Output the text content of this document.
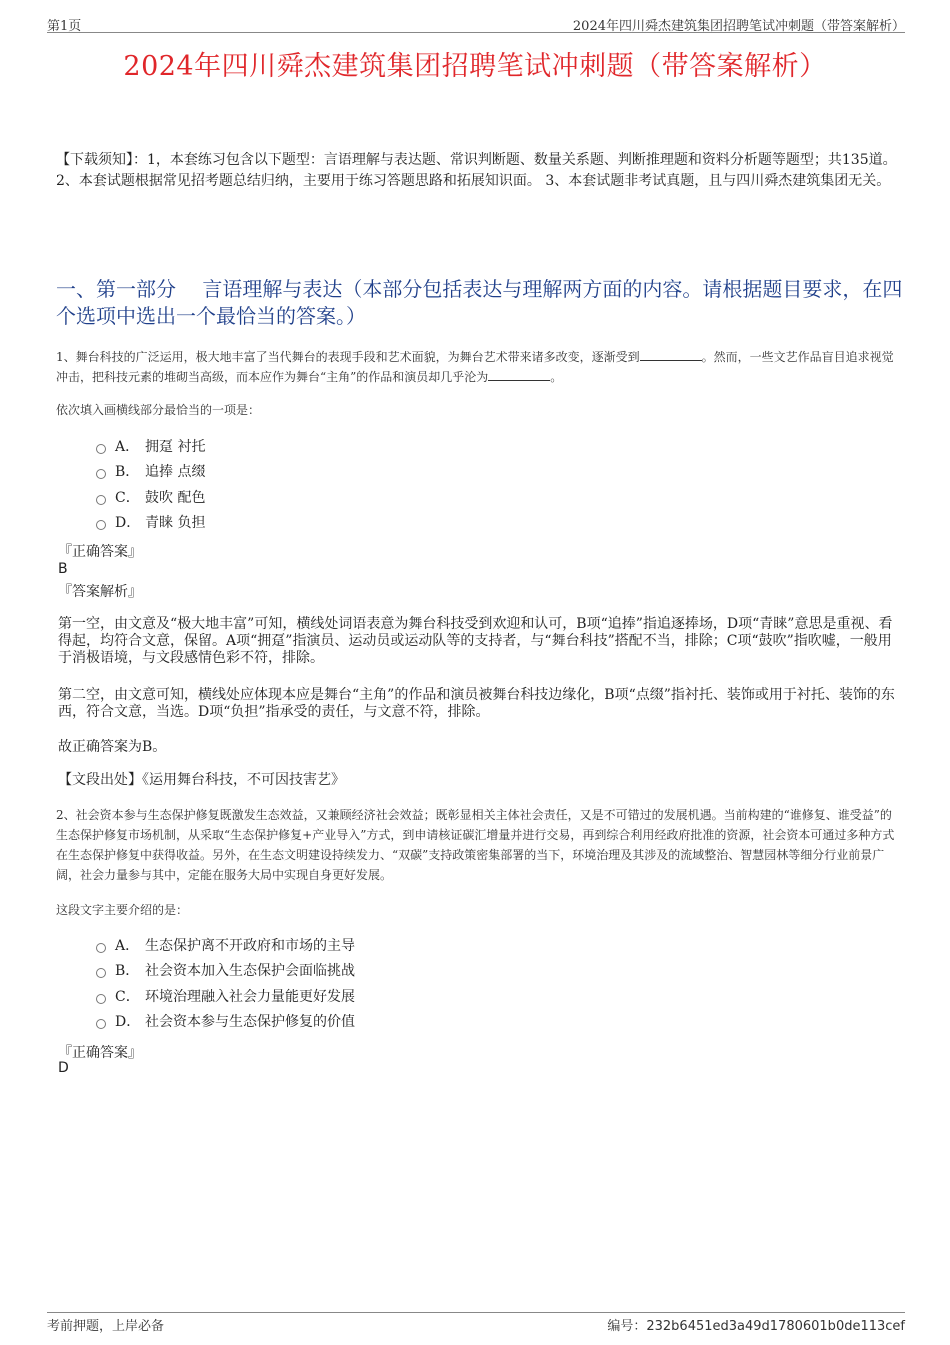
第1页	2024年四川舜杰建筑集团招聘笔试冲刺题（带答案解析）
2024年四川舜杰建筑集团招聘笔试冲刺题（带答案解析）

【下载须知】：1，本套练习包含以下题型：言语理解与表达题、常识判断题、数量关系题、判断推理题和资料分析题等题型；共135道。 2、本套试题根据常见招考题总结归纳，主要用于练习答题思路和拓展知识面。 3、本套试题非考试真题，且与四川舜杰建筑集团无关。

一、第一部分　 言语理解与表达（本部分包括表达与理解两方面的内容。请根据题目要求，在四个选项中选出一个最恰当的答案。）

1、舞台科技的广泛运用，极大地丰富了当代舞台的表现手段和艺术面貌，为舞台艺术带来诸多改变，逐渐受到	。然而，一些文艺作品盲目追求视觉冲击，把科技元素的堆砌当高级，而本应作为舞台“主角”的作品和演员却几乎沦为	。

依次填入画横线部分最恰当的一项是：

A． 拥趸 衬托
B． 追捧 点缀
C． 鼓吹 配色
D． 青睐 负担

『正确答案』

B

『答案解析』

第一空，由文意及“极大地丰富”可知，横线处词语表意为舞台科技受到欢迎和认可，B项“追捧”指追逐捧场，D项“青睐”意思是重视、看得起，均符合文意，保留。A项“拥趸”指演员、运动员或运动队等的支持者，与“舞台科技”搭配不当，排除；C项“鼓吹”指吹嘘，一般用于消极语境，与文段感情色彩不符，排除。

第二空，由文意可知，横线处应体现本应是舞台“主角”的作品和演员被舞台科技边缘化，B项“点缀”指衬托、装饰或用于衬托、装饰的东西，符合文意，当选。D项“负担”指承受的责任，与文意不符，排除。

故正确答案为B。

【文段出处】《运用舞台科技，不可因技害艺》

2、社会资本参与生态保护修复既激发生态效益，又兼顾经济社会效益；既彰显相关主体社会责任，又是不可错过的发展机遇。当前构建的“谁修复、谁受益”的生态保护修复市场机制，从采取“生态保护修复+产业导入”方式，到申请核证碳汇增量并进行交易，再到综合利用经政府批准的资源，社会资本可通过多种方式在生态保护修复中获得收益。另外，在生态文明建设持续发力、“双碳”支持政策密集部署的当下，环境治理及其涉及的流域整治、智慧园林等细分行业前景广阔，社会力量参与其中，定能在服务大局中实现自身更好发展。

这段文字主要介绍的是：

A． 生态保护离不开政府和市场的主导
B． 社会资本加入生态保护会面临挑战
C． 环境治理融入社会力量能更好发展
D． 社会资本参与生态保护修复的价值

『正确答案』

D

考前押题，上岸必备	编号：232b6451ed3a49d1780601b0de113cef
